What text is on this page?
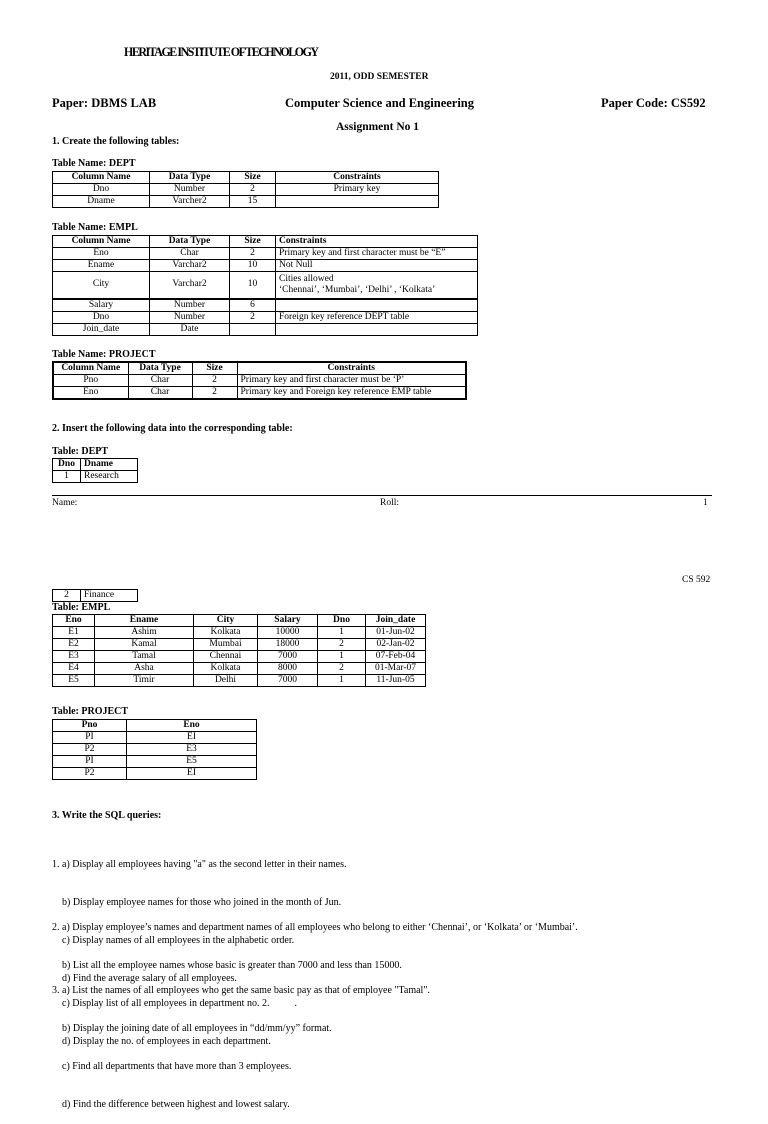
HERITAGE INSTITUTE OF TECHNOLOGY
2011, ODD SEMESTER
Paper: DBMS LAB	Computer Science and Engineering	Paper Code: CS592
Assignment No 1
1. Create the following tables:
Table Name: DEPT
Column Name	Data Type	Size	Constraints
Dno	Number	2	Primary key
Dname	Varcher2	15	
Table Name: EMPL
Column Name	Data Type	Size	Constraints
Eno	Char	2	Primary key and first character must be “E”
Ename	Varchar2	10	Not Null
City	Varchar2	10	Cities allowed
‘Chennai’, ‘Mumbai’, ‘Delhi’ , ‘Kolkata’

Salary	Number	6	
Dno	Number	2	Foreign key reference DEPT table
Join_date	Date		
Table Name: PROJECT
Column Name	Data Type	Size	Constraints
Pno	Char	2	Primary key and first character must be ‘P’
Eno	Char	2	Primary key and Foreign key reference EMP table
2. Insert the following data into the corresponding table:
Table: DEPT
Dno	Dname
1	Research
Name:	Roll:	1
CS 592
2	Finance
Table: EMPL
Eno	Ename	City	Salary	Dno	Join_date
E1	Ashim	Kolkata	10000	1	01-Jun-02
E2	Kamal	Mumbai	18000	2	02-Jan-02
E3	Tamal	Chennai	7000	1	07-Feb-04
E4	Asha	Kolkata	8000	2	01-Mar-07
E5	Timir	Delhi	7000	1	11-Jun-05
Table: PROJECT
Pno	Eno
PI	EI
P2	E3
PI	E5
P2	EI
3. Write the SQL queries:

1. a) Display all employees having "a" as the second letter in their names.

b) Display employee names for those who joined in the month of Jun.

c) Display names of all employees in the alphabetic order.

d) Find the average salary of all employees.

2. a) Display employee’s names and department names of all employees who belong to either ‘Chennai’, or ‘Kolkata’ or ‘Mumbai’.

b) List all the employee names whose basic is greater than 7000 and less than 15000.

c) Display list of all employees in department no. 2.          .

d) Display the no. of employees in each department.

3. a) List the names of all employees who get the same basic pay as that of employee "Tamal".

b) Display the joining date of all employees in “dd/mm/yy” format.

c) Find all departments that have more than 3 employees.

d) Find the difference between highest and lowest salary.
